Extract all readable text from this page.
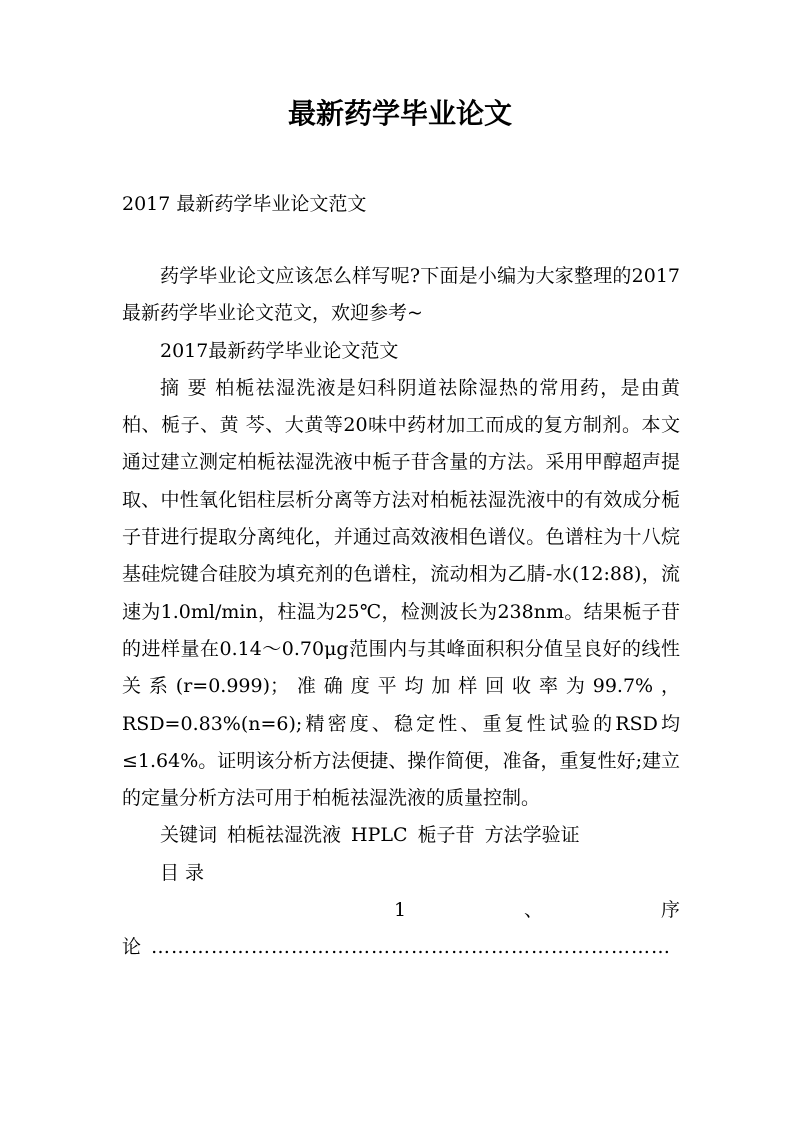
最新药学毕业论文
2017 最新药学毕业论文范文

药学毕业论文应该怎么样写呢?下面是小编为大家整理的2017最新药学毕业论文范文，欢迎参考~

2017最新药学毕业论文范文

摘 要 柏栀祛湿洗液是妇科阴道祛除湿热的常用药，是由黄柏、栀子、黄 芩、大黄等20味中药材加工而成的复方制剂。本文通过建立测定柏栀祛湿洗液中栀子苷含量的方法。采用甲醇超声提取、中性氧化铝柱层析分离等方法对柏栀祛湿洗液中的有效成分栀子苷进行提取分离纯化，并通过高效液相色谱仪。色谱柱为十八烷基硅烷键合硅胶为填充剂的色谱柱，流动相为乙腈-水(12:88)，流速为1.0ml/min，柱温为25℃，检测波长为238nm。结果栀子苷的进样量在0.14～0.70μg范围内与其峰面积积分值呈良好的线性关系(r=0.999)；准确度平均加样回收率为99.7%，RSD=0.83%(n=6);精密度、稳定性、重复性试验的RSD均≤1.64%。证明该分析方法便捷、操作简便，准备，重复性好;建立的定量分析方法可用于柏栀祛湿洗液的质量控制。

关键词 柏栀祛湿洗液 HPLC 栀子苷 方法学验证

目 录

1	、	序
论 ……………………………………………………………………
